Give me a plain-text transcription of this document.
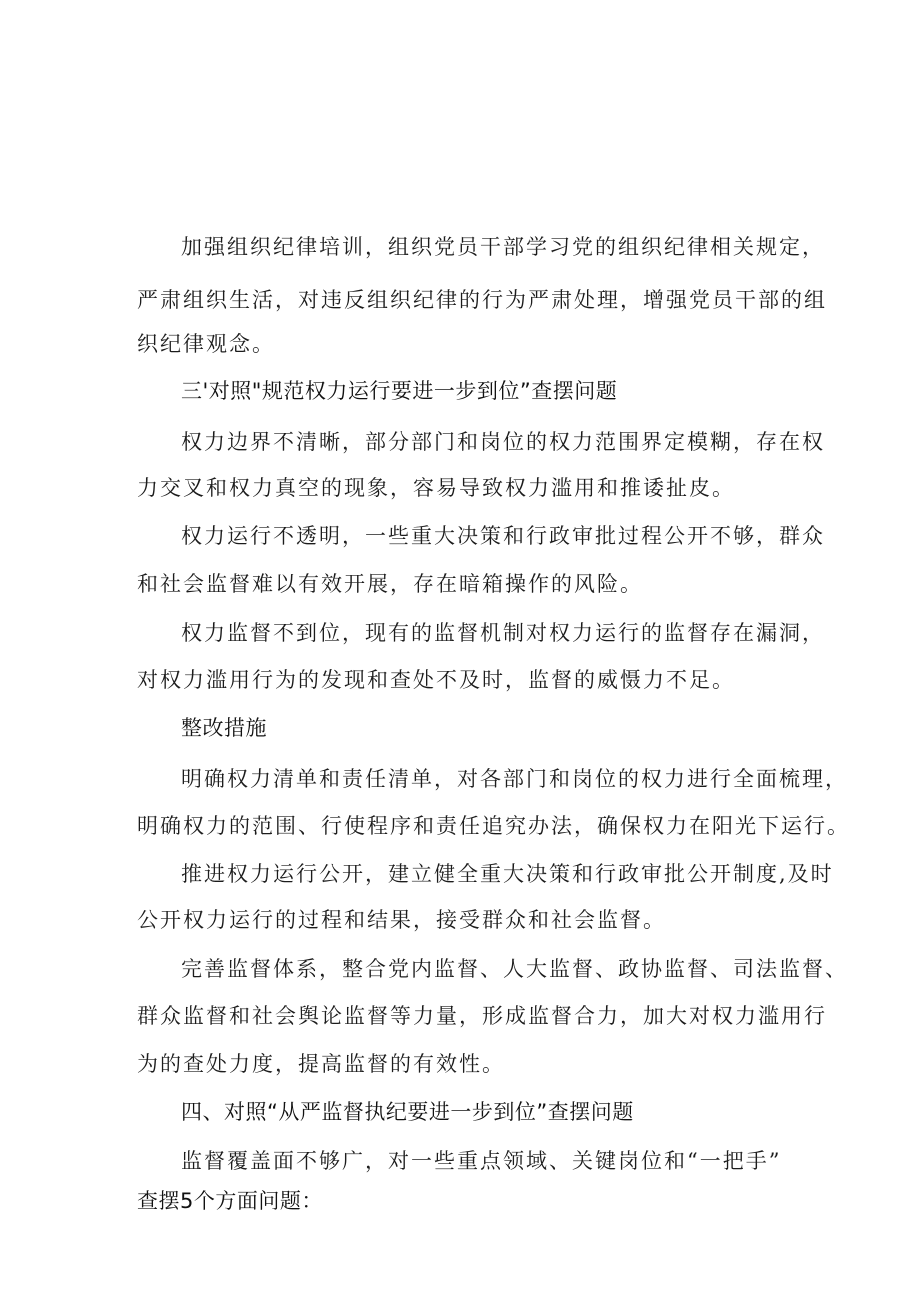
加强组织纪律培训，组织党员干部学习党的组织纪律相关规定，
严肃组织生活，对违反组织纪律的行为严肃处理，增强党员干部的组
织纪律观念。
三'对照"规范权力运行要进一步到位”查摆问题
权力边界不清晰，部分部门和岗位的权力范围界定模糊，存在权
力交叉和权力真空的现象，容易导致权力滥用和推诿扯皮。
权力运行不透明，一些重大决策和行政审批过程公开不够，群众
和社会监督难以有效开展，存在暗箱操作的风险。
权力监督不到位，现有的监督机制对权力运行的监督存在漏洞，
对权力滥用行为的发现和查处不及时，监督的威慑力不足。
整改措施
明确权力清单和责任清单，对各部门和岗位的权力进行全面梳理，
明确权力的范围、行使程序和责任追究办法，确保权力在阳光下运行。
推进权力运行公开，建立健全重大决策和行政审批公开制度,及时
公开权力运行的过程和结果，接受群众和社会监督。
完善监督体系，整合党内监督、人大监督、政协监督、司法监督、
群众监督和社会舆论监督等力量，形成监督合力，加大对权力滥用行
为的查处力度，提高监督的有效性。
四、对照“从严监督执纪要进一步到位”查摆问题
监督覆盖面不够广，对一些重点领域、关键岗位和“一把手”
查摆5个方面问题：
